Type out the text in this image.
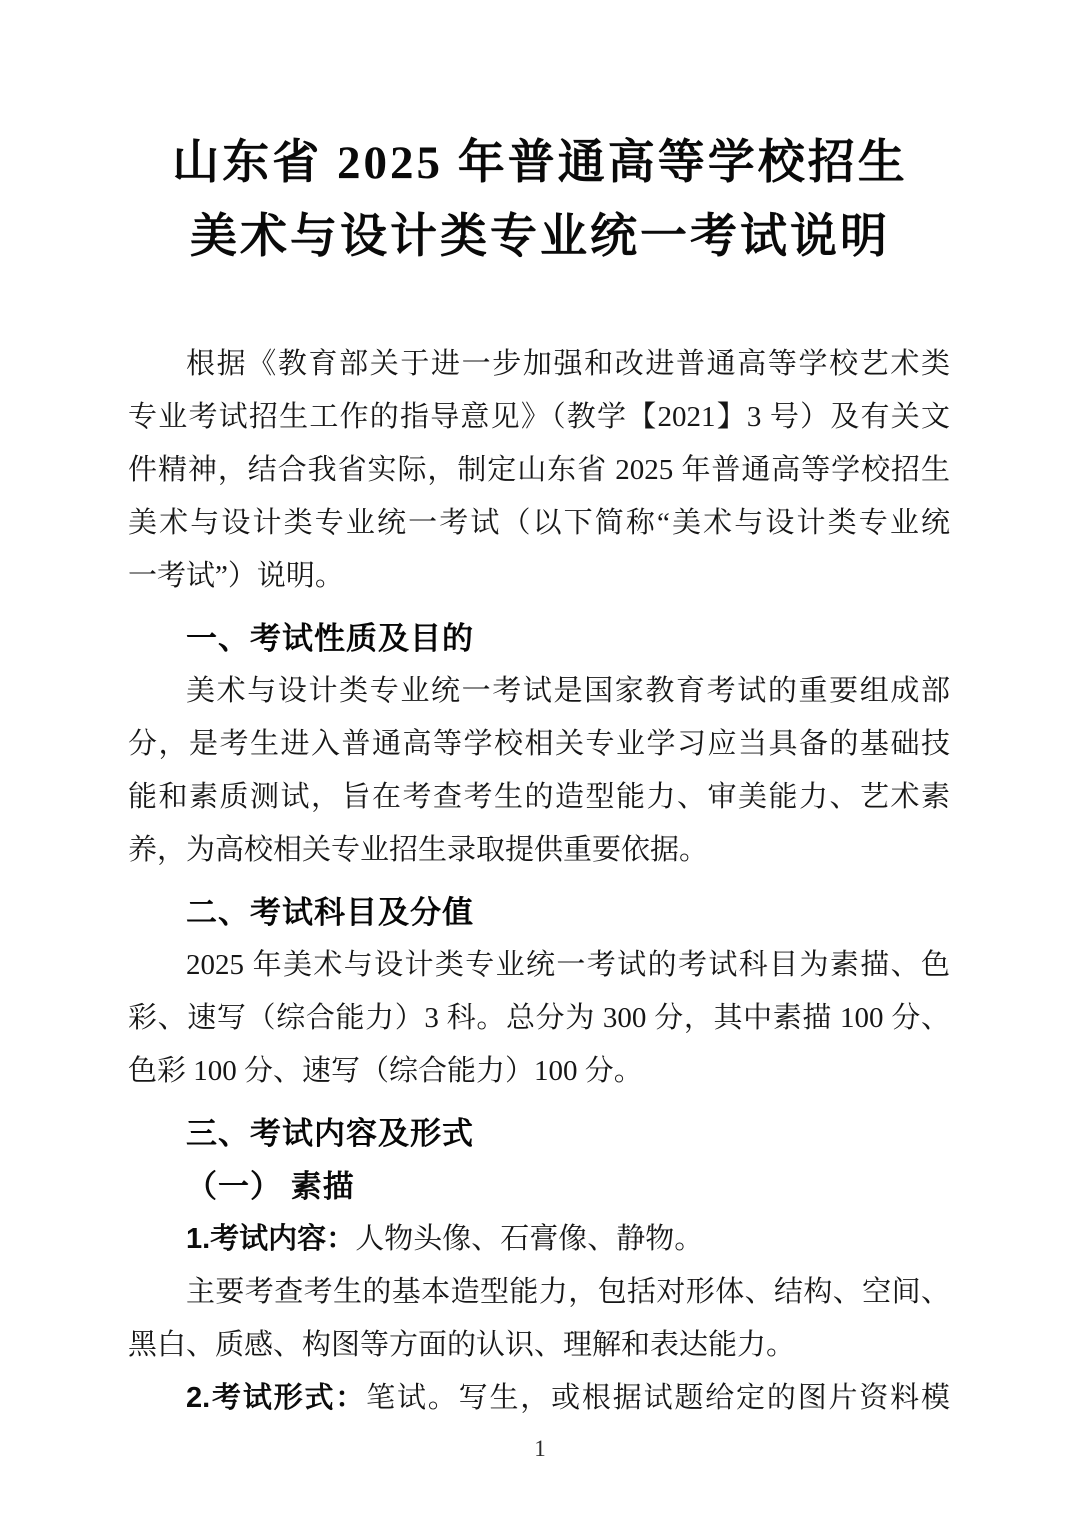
山东省 2025 年普通高等学校招生
美术与设计类专业统一考试说明
根据《教育部关于进一步加强和改进普通高等学校艺术类
专业考试招生工作的指导意见》（教学【2021】3 号）及有关文
件精神，结合我省实际，制定山东省 2025 年普通高等学校招生
美术与设计类专业统一考试（以下简称“美术与设计类专业统
一考试”）说明。
一、考试性质及目的
美术与设计类专业统一考试是国家教育考试的重要组成部
分，是考生进入普通高等学校相关专业学习应当具备的基础技
能和素质测试，旨在考查考生的造型能力、审美能力、艺术素
养，为高校相关专业招生录取提供重要依据。
二、考试科目及分值
2025 年美术与设计类专业统一考试的考试科目为素描、色
彩、速写（综合能力）3 科。总分为 300 分，其中素描 100 分、
色彩 100 分、速写（综合能力）100 分。
三、考试内容及形式
（一） 素描
1.考试内容：人物头像、石膏像、静物。
主要考查考生的基本造型能力，包括对形体、结构、空间、
黑白、质感、构图等方面的认识、理解和表达能力。
2.考试形式：笔试。写生，或根据试题给定的图片资料模
1
